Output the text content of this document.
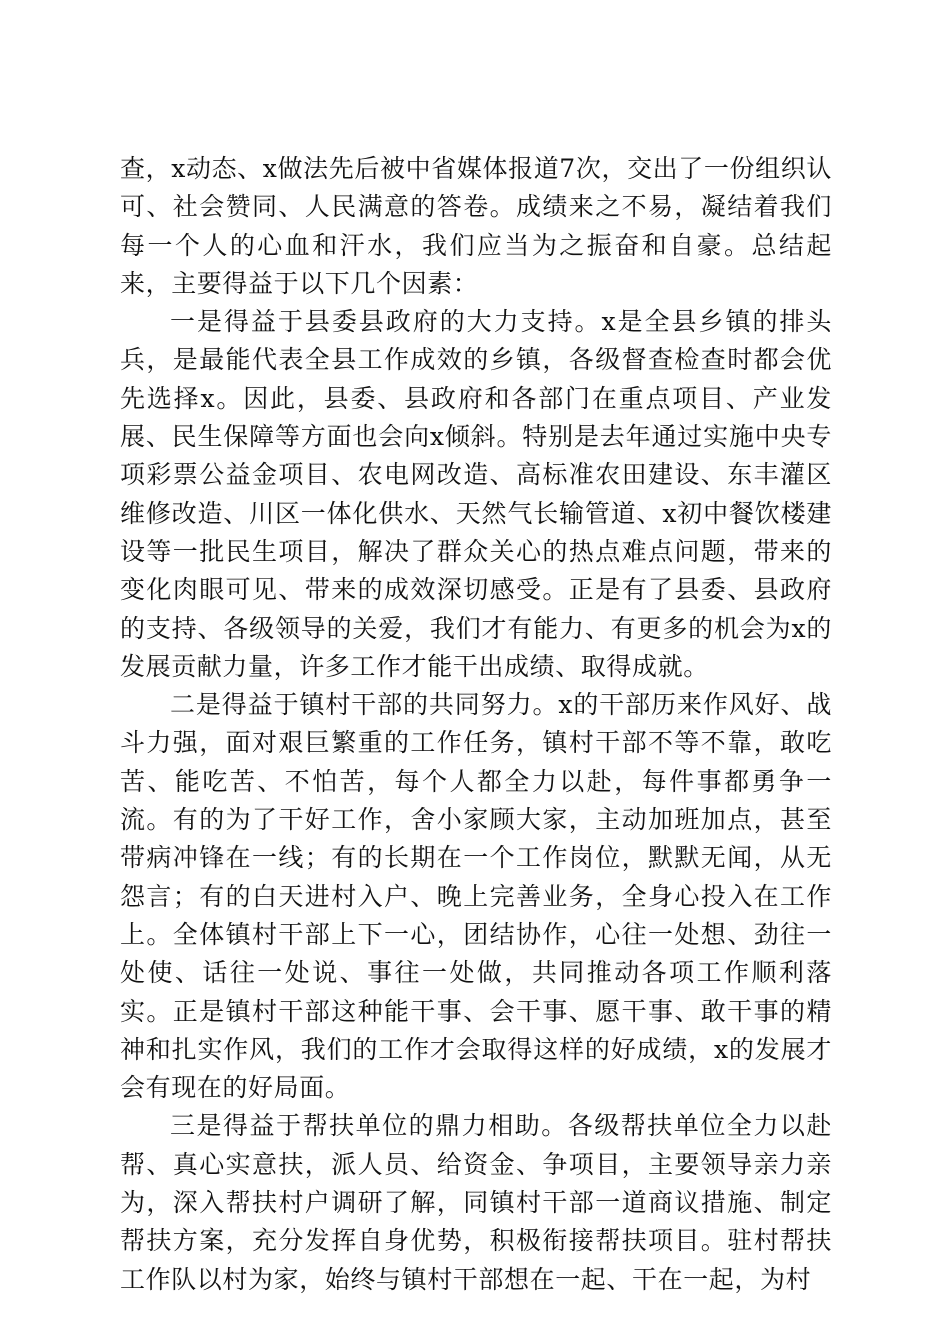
查，x动态、x做法先后被中省媒体报道7次，交出了一份组织认可、社会赞同、人民满意的答卷。成绩来之不易，凝结着我们每一个人的心血和汗水，我们应当为之振奋和自豪。总结起来，主要得益于以下几个因素：

一是得益于县委县政府的大力支持。x是全县乡镇的排头兵，是最能代表全县工作成效的乡镇，各级督查检查时都会优先选择x。因此，县委、县政府和各部门在重点项目、产业发展、民生保障等方面也会向x倾斜。特别是去年通过实施中央专项彩票公益金项目、农电网改造、高标准农田建设、东丰灌区维修改造、川区一体化供水、天然气长输管道、x初中餐饮楼建设等一批民生项目，解决了群众关心的热点难点问题，带来的变化肉眼可见、带来的成效深切感受。正是有了县委、县政府的支持、各级领导的关爱，我们才有能力、有更多的机会为x的发展贡献力量，许多工作才能干出成绩、取得成就。

二是得益于镇村干部的共同努力。x的干部历来作风好、战斗力强，面对艰巨繁重的工作任务，镇村干部不等不靠，敢吃苦、能吃苦、不怕苦，每个人都全力以赴，每件事都勇争一流。有的为了干好工作，舍小家顾大家，主动加班加点，甚至带病冲锋在一线；有的长期在一个工作岗位，默默无闻，从无怨言；有的白天进村入户、晚上完善业务，全身心投入在工作上。全体镇村干部上下一心，团结协作，心往一处想、劲往一处使、话往一处说、事往一处做，共同推动各项工作顺利落实。正是镇村干部这种能干事、会干事、愿干事、敢干事的精神和扎实作风，我们的工作才会取得这样的好成绩，x的发展才会有现在的好局面。

三是得益于帮扶单位的鼎力相助。各级帮扶单位全力以赴帮、真心实意扶，派人员、给资金、争项目，主要领导亲力亲为，深入帮扶村户调研了解，同镇村干部一道商议措施、制定帮扶方案，充分发挥自身优势，积极衔接帮扶项目。驻村帮扶工作队以村为家，始终与镇村干部想在一起、干在一起，为村
